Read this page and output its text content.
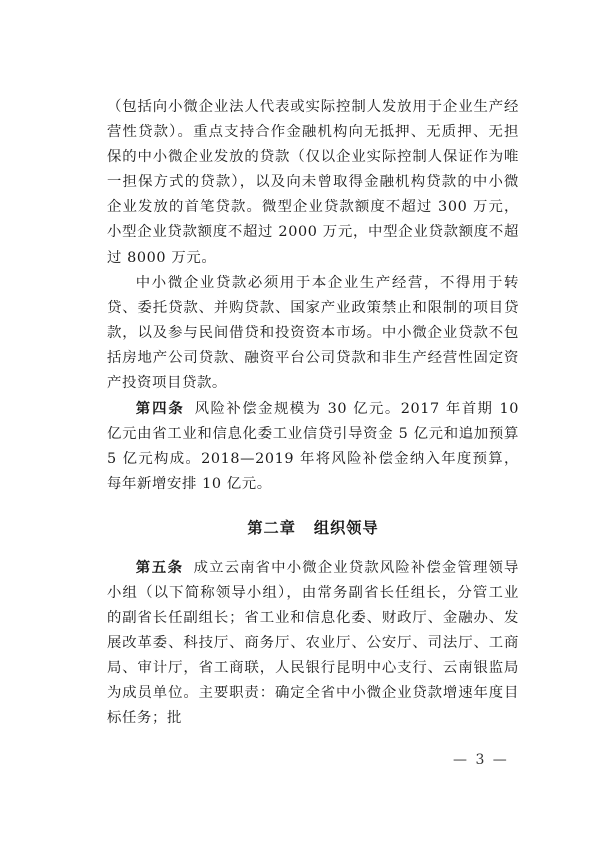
（包括向小微企业法人代表或实际控制人发放用于企业生产经营性贷款）。重点支持合作金融机构向无抵押、无质押、无担保的中小微企业发放的贷款（仅以企业实际控制人保证作为唯一担保方式的贷款），以及向未曾取得金融机构贷款的中小微企业发放的首笔贷款。微型企业贷款额度不超过 300 万元，小型企业贷款额度不超过 2000 万元，中型企业贷款额度不超过 8000 万元。

中小微企业贷款必须用于本企业生产经营，不得用于转贷、委托贷款、并购贷款、国家产业政策禁止和限制的项目贷款，以及参与民间借贷和投资资本市场。中小微企业贷款不包括房地产公司贷款、融资平台公司贷款和非生产经营性固定资产投资项目贷款。

第四条 风险补偿金规模为 30 亿元。2017 年首期 10 亿元由省工业和信息化委工业信贷引导资金 5 亿元和追加预算 5 亿元构成。2018—2019 年将风险补偿金纳入年度预算，每年新增安排 10 亿元。

第二章 组织领导

第五条 成立云南省中小微企业贷款风险补偿金管理领导小组（以下简称领导小组），由常务副省长任组长，分管工业的副省长任副组长；省工业和信息化委、财政厅、金融办、发展改革委、科技厅、商务厅、农业厅、公安厅、司法厅、工商局、审计厅，省工商联，人民银行昆明中心支行、云南银监局为成员单位。主要职责：确定全省中小微企业贷款增速年度目标任务；批

— 3 —
